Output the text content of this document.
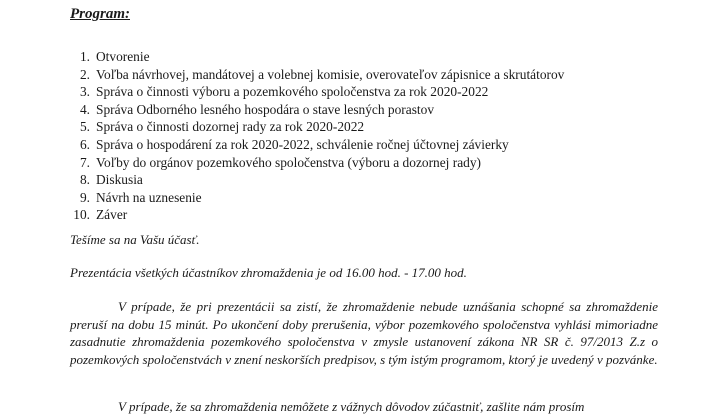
Program:
1. Otvorenie
2. Voľba návrhovej, mandátovej a volebnej komisie, overovateľov zápisnice a skrutátorov
3. Správa o činnosti výboru a pozemkového spoločenstva za rok 2020-2022
4. Správa Odborného lesného hospodára o stave lesných porastov
5. Správa o činnosti dozornej rady za rok 2020-2022
6. Správa o hospodárení za rok 2020-2022, schválenie ročnej účtovnej závierky
7. Voľby do orgánov pozemkového spoločenstva (výboru a dozornej rady)
8. Diskusia
9. Návrh na uznesenie
10. Záver

Tešíme sa na Vašu účasť.

Prezentácia všetkých účastníkov zhromaždenia je od 16.00 hod. - 17.00 hod.

V prípade, že pri prezentácii sa zistí, že zhromaždenie nebude uznášania schopné sa zhromaždenie preruší na dobu 15 minút. Po ukončení doby prerušenia, výbor pozemkového spoločenstva vyhlási mimoriadne zasadnutie zhromaždenia pozemkového spoločenstva v zmysle ustanovení zákona NR SR č. 97/2013 Z.z o pozemkových spoločenstvách v znení neskorších predpisov, s tým istým programom, ktorý je uvedený v pozvánke.

V prípade, že sa zhromaždenia nemôžete z vážnych dôvodov zúčastniť, zašlite nám prosím
